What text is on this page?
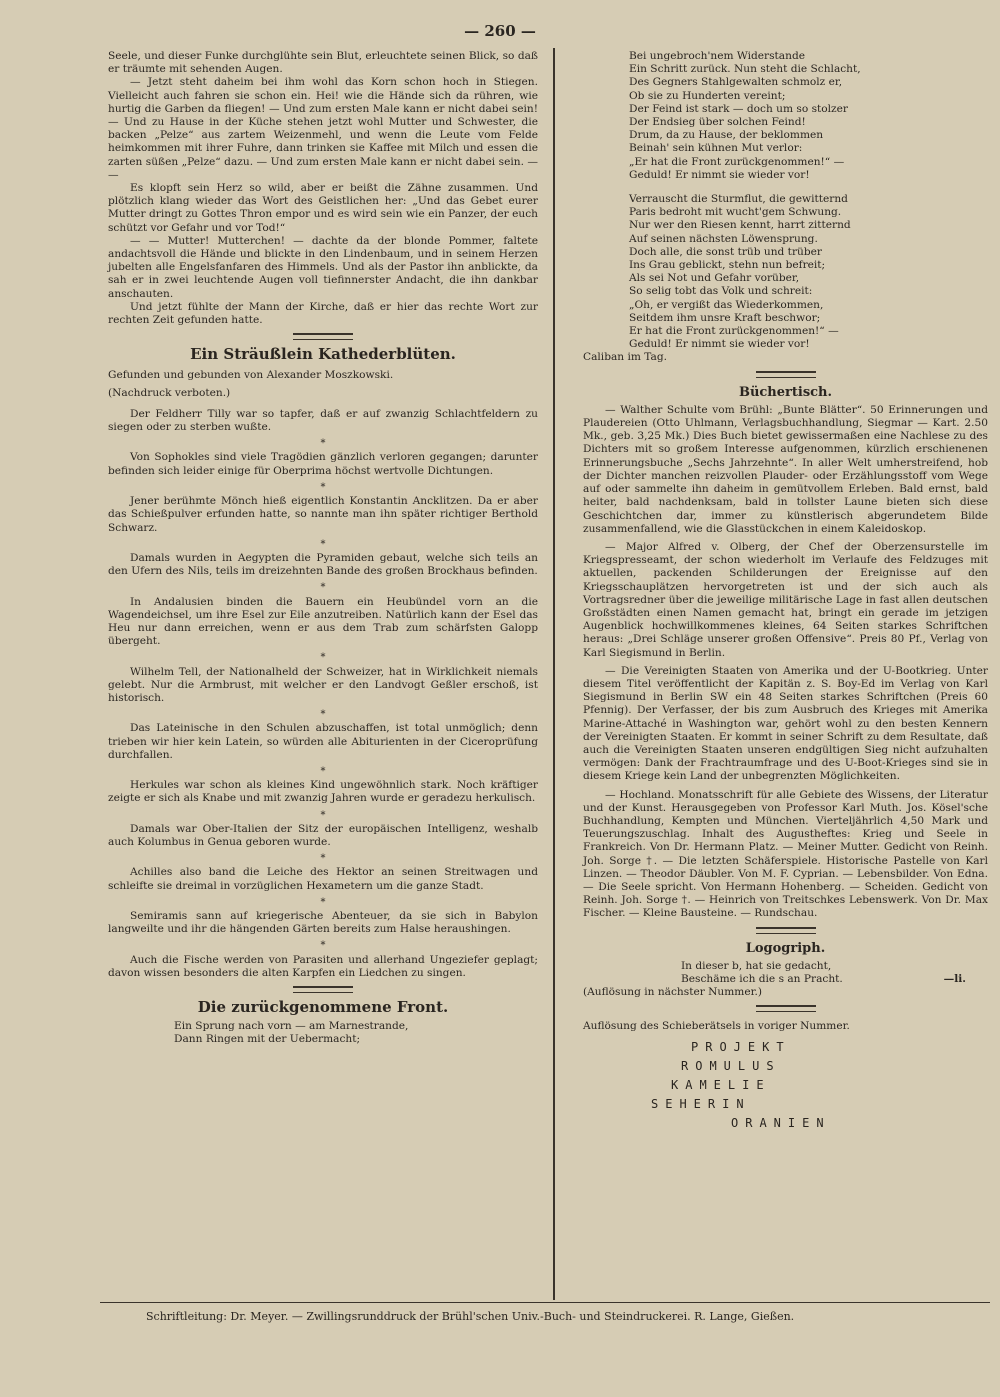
— 260 —

Seele, und dieser Funke durchglühte sein Blut, erleuchtete seinen Blick, so daß er träumte mit sehenden Augen.

— Jetzt steht daheim bei ihm wohl das Korn schon hoch in Stiegen. Vielleicht auch fahren sie schon ein. Hei! wie die Hände sich da rühren, wie hurtig die Garben da fliegen! — Und zum ersten Male kann er nicht dabei sein! — Und zu Hause in der Küche stehen jetzt wohl Mutter und Schwester, die backen „Pelze“ aus zartem Weizenmehl, und wenn die Leute vom Felde heimkommen mit ihrer Fuhre, dann trinken sie Kaffee mit Milch und essen die zarten süßen „Pelze“ dazu. — Und zum ersten Male kann er nicht dabei sein. — —

Es klopft sein Herz so wild, aber er beißt die Zähne zusammen. Und plötzlich klang wieder das Wort des Geistlichen her: „Und das Gebet eurer Mutter dringt zu Gottes Thron empor und es wird sein wie ein Panzer, der euch schützt vor Gefahr und vor Tod!“

— — Mutter! Mutterchen! — dachte da der blonde Pommer, faltete andachtsvoll die Hände und blickte in den Lindenbaum, und in seinem Herzen jubelten alle Engelsfanfaren des Himmels. Und als der Pastor ihn anblickte, da sah er in zwei leuchtende Augen voll tiefinnerster Andacht, die ihn dankbar anschauten.

Und jetzt fühlte der Mann der Kirche, daß er hier das rechte Wort zur rechten Zeit gefunden hatte.

Ein Sträußlein Kathederblüten.

Gefunden und gebunden von Alexander Moszkowski.

(Nachdruck verboten.)

Der Feldherr Tilly war so tapfer, daß er auf zwanzig Schlachtfeldern zu siegen oder zu sterben wußte.

*

Von Sophokles sind viele Tragödien gänzlich verloren gegangen; darunter befinden sich leider einige für Oberprima höchst wertvolle Dichtungen.

*

Jener berühmte Mönch hieß eigentlich Konstantin Ancklitzen. Da er aber das Schießpulver erfunden hatte, so nannte man ihn später richtiger Berthold Schwarz.

*

Damals wurden in Aegypten die Pyramiden gebaut, welche sich teils an den Ufern des Nils, teils im dreizehnten Bande des großen Brockhaus befinden.

*

In Andalusien binden die Bauern ein Heubündel vorn an die Wagendeichsel, um ihre Esel zur Eile anzutreiben. Natürlich kann der Esel das Heu nur dann erreichen, wenn er aus dem Trab zum schärfsten Galopp übergeht.

*

Wilhelm Tell, der Nationalheld der Schweizer, hat in Wirklichkeit niemals gelebt. Nur die Armbrust, mit welcher er den Landvogt Geßler erschoß, ist historisch.

*

Das Lateinische in den Schulen abzuschaffen, ist total unmöglich; denn trieben wir hier kein Latein, so würden alle Abiturienten in der Ciceroprüfung durchfallen.

*

Herkules war schon als kleines Kind ungewöhnlich stark. Noch kräftiger zeigte er sich als Knabe und mit zwanzig Jahren wurde er geradezu herkulisch.

*

Damals war Ober-Italien der Sitz der europäischen Intelligenz, weshalb auch Kolumbus in Genua geboren wurde.

*

Achilles also band die Leiche des Hektor an seinen Streitwagen und schleifte sie dreimal in vorzüglichen Hexametern um die ganze Stadt.

*

Semiramis sann auf kriegerische Abenteuer, da sie sich in Babylon langweilte und ihr die hängenden Gärten bereits zum Halse heraushingen.

*

Auch die Fische werden von Parasiten und allerhand Ungeziefer geplagt; davon wissen besonders die alten Karpfen ein Liedchen zu singen.

Die zurückgenommene Front.

Ein Sprung nach vorn — am Marnestrande,

Dann Ringen mit der Uebermacht;

Bei ungebroch'nem Widerstande

Ein Schritt zurück. Nun steht die Schlacht,

Des Gegners Stahlgewalten schmolz er,

Ob sie zu Hunderten vereint;

Der Feind ist stark — doch um so stolzer

Der Endsieg über solchen Feind!

Drum, da zu Hause, der beklommen

Beinah' sein kühnen Mut verlor:

„Er hat die Front zurückgenommen!“ —

Geduld! Er nimmt sie wieder vor!

Verrauscht die Sturmflut, die gewitternd

Paris bedroht mit wucht'gem Schwung.

Nur wer den Riesen kennt, harrt zitternd

Auf seinen nächsten Löwensprung.

Doch alle, die sonst trüb und trüber

Ins Grau geblickt, stehn nun befreit;

Als sei Not und Gefahr vorüber,

So selig tobt das Volk und schreit:

„Oh, er vergißt das Wiederkommen,

Seitdem ihm unsre Kraft beschwor;

Er hat die Front zurückgenommen!“ —

Geduld! Er nimmt sie wieder vor!

Caliban im Tag.

Büchertisch.

— Walther Schulte vom Brühl: „Bunte Blätter“. 50 Erinnerungen und Plaudereien (Otto Uhlmann, Verlagsbuchhandlung, Siegmar — Kart. 2.50 Mk., geb. 3,25 Mk.) Dies Buch bietet gewissermaßen eine Nachlese zu des Dichters mit so großem Interesse aufgenommen, kürzlich erschienenen Erinnerungsbuche „Sechs Jahrzehnte“. In aller Welt umherstreifend, hob der Dichter manchen reizvollen Plauder- oder Erzählungsstoff vom Wege auf oder sammelte ihn daheim in gemütvollem Erleben. Bald ernst, bald heiter, bald nachdenksam, bald in tollster Laune bieten sich diese Geschichtchen dar, immer zu künstlerisch abgerundetem Bilde zusammenfallend, wie die Glasstückchen in einem Kaleidoskop.

— Major Alfred v. Olberg, der Chef der Oberzensurstelle im Kriegspresseamt, der schon wiederholt im Verlaufe des Feldzuges mit aktuellen, packenden Schilderungen der Ereignisse auf den Kriegsschauplätzen hervorgetreten ist und der sich auch als Vortragsredner über die jeweilige militärische Lage in fast allen deutschen Großstädten einen Namen gemacht hat, bringt ein gerade im jetzigen Augenblick hochwillkommenes kleines, 64 Seiten starkes Schriftchen heraus: „Drei Schläge unserer großen Offensive“. Preis 80 Pf., Verlag von Karl Siegismund in Berlin.

— Die Vereinigten Staaten von Amerika und der U-Bootkrieg. Unter diesem Titel veröffentlicht der Kapitän z. S. Boy-Ed im Verlag von Karl Siegismund in Berlin SW ein 48 Seiten starkes Schriftchen (Preis 60 Pfennig). Der Verfasser, der bis zum Ausbruch des Krieges mit Amerika Marine-Attaché in Washington war, gehört wohl zu den besten Kennern der Vereinigten Staaten. Er kommt in seiner Schrift zu dem Resultate, daß auch die Vereinigten Staaten unseren endgültigen Sieg nicht aufzuhalten vermögen: Dank der Frachtraumfrage und des U-Boot-Krieges sind sie in diesem Kriege kein Land der unbegrenzten Möglichkeiten.

— Hochland. Monatsschrift für alle Gebiete des Wissens, der Literatur und der Kunst. Herausgegeben von Professor Karl Muth. Jos. Kösel'sche Buchhandlung, Kempten und München. Vierteljährlich 4,50 Mark und Teuerungszuschlag. Inhalt des Augustheftes: Krieg und Seele in Frankreich. Von Dr. Hermann Platz. — Meiner Mutter. Gedicht von Reinh. Joh. Sorge †. — Die letzten Schäferspiele. Historische Pastelle von Karl Linzen. — Theodor Däubler. Von M. F. Cyprian. — Lebensbilder. Von Edna. — Die Seele spricht. Von Hermann Hohenberg. — Scheiden. Gedicht von Reinh. Joh. Sorge †. — Heinrich von Treitschkes Lebenswerk. Von Dr. Max Fischer. — Kleine Bausteine. — Rundschau.

Logogriph.

In dieser b, hat sie gedacht,

Beschäme ich die s an Pracht.	—li.

(Auflösung in nächster Nummer.)

Auflösung des Schieberätsels in voriger Nummer.

PROJEKT
ROMULUS
KAMELIE
SEHERIN
ORANIEN
Schriftleitung: Dr. Meyer. — Zwillingsrunddruck der Brühl'schen Univ.-Buch- und Steindruckerei. R. Lange, Gießen.
